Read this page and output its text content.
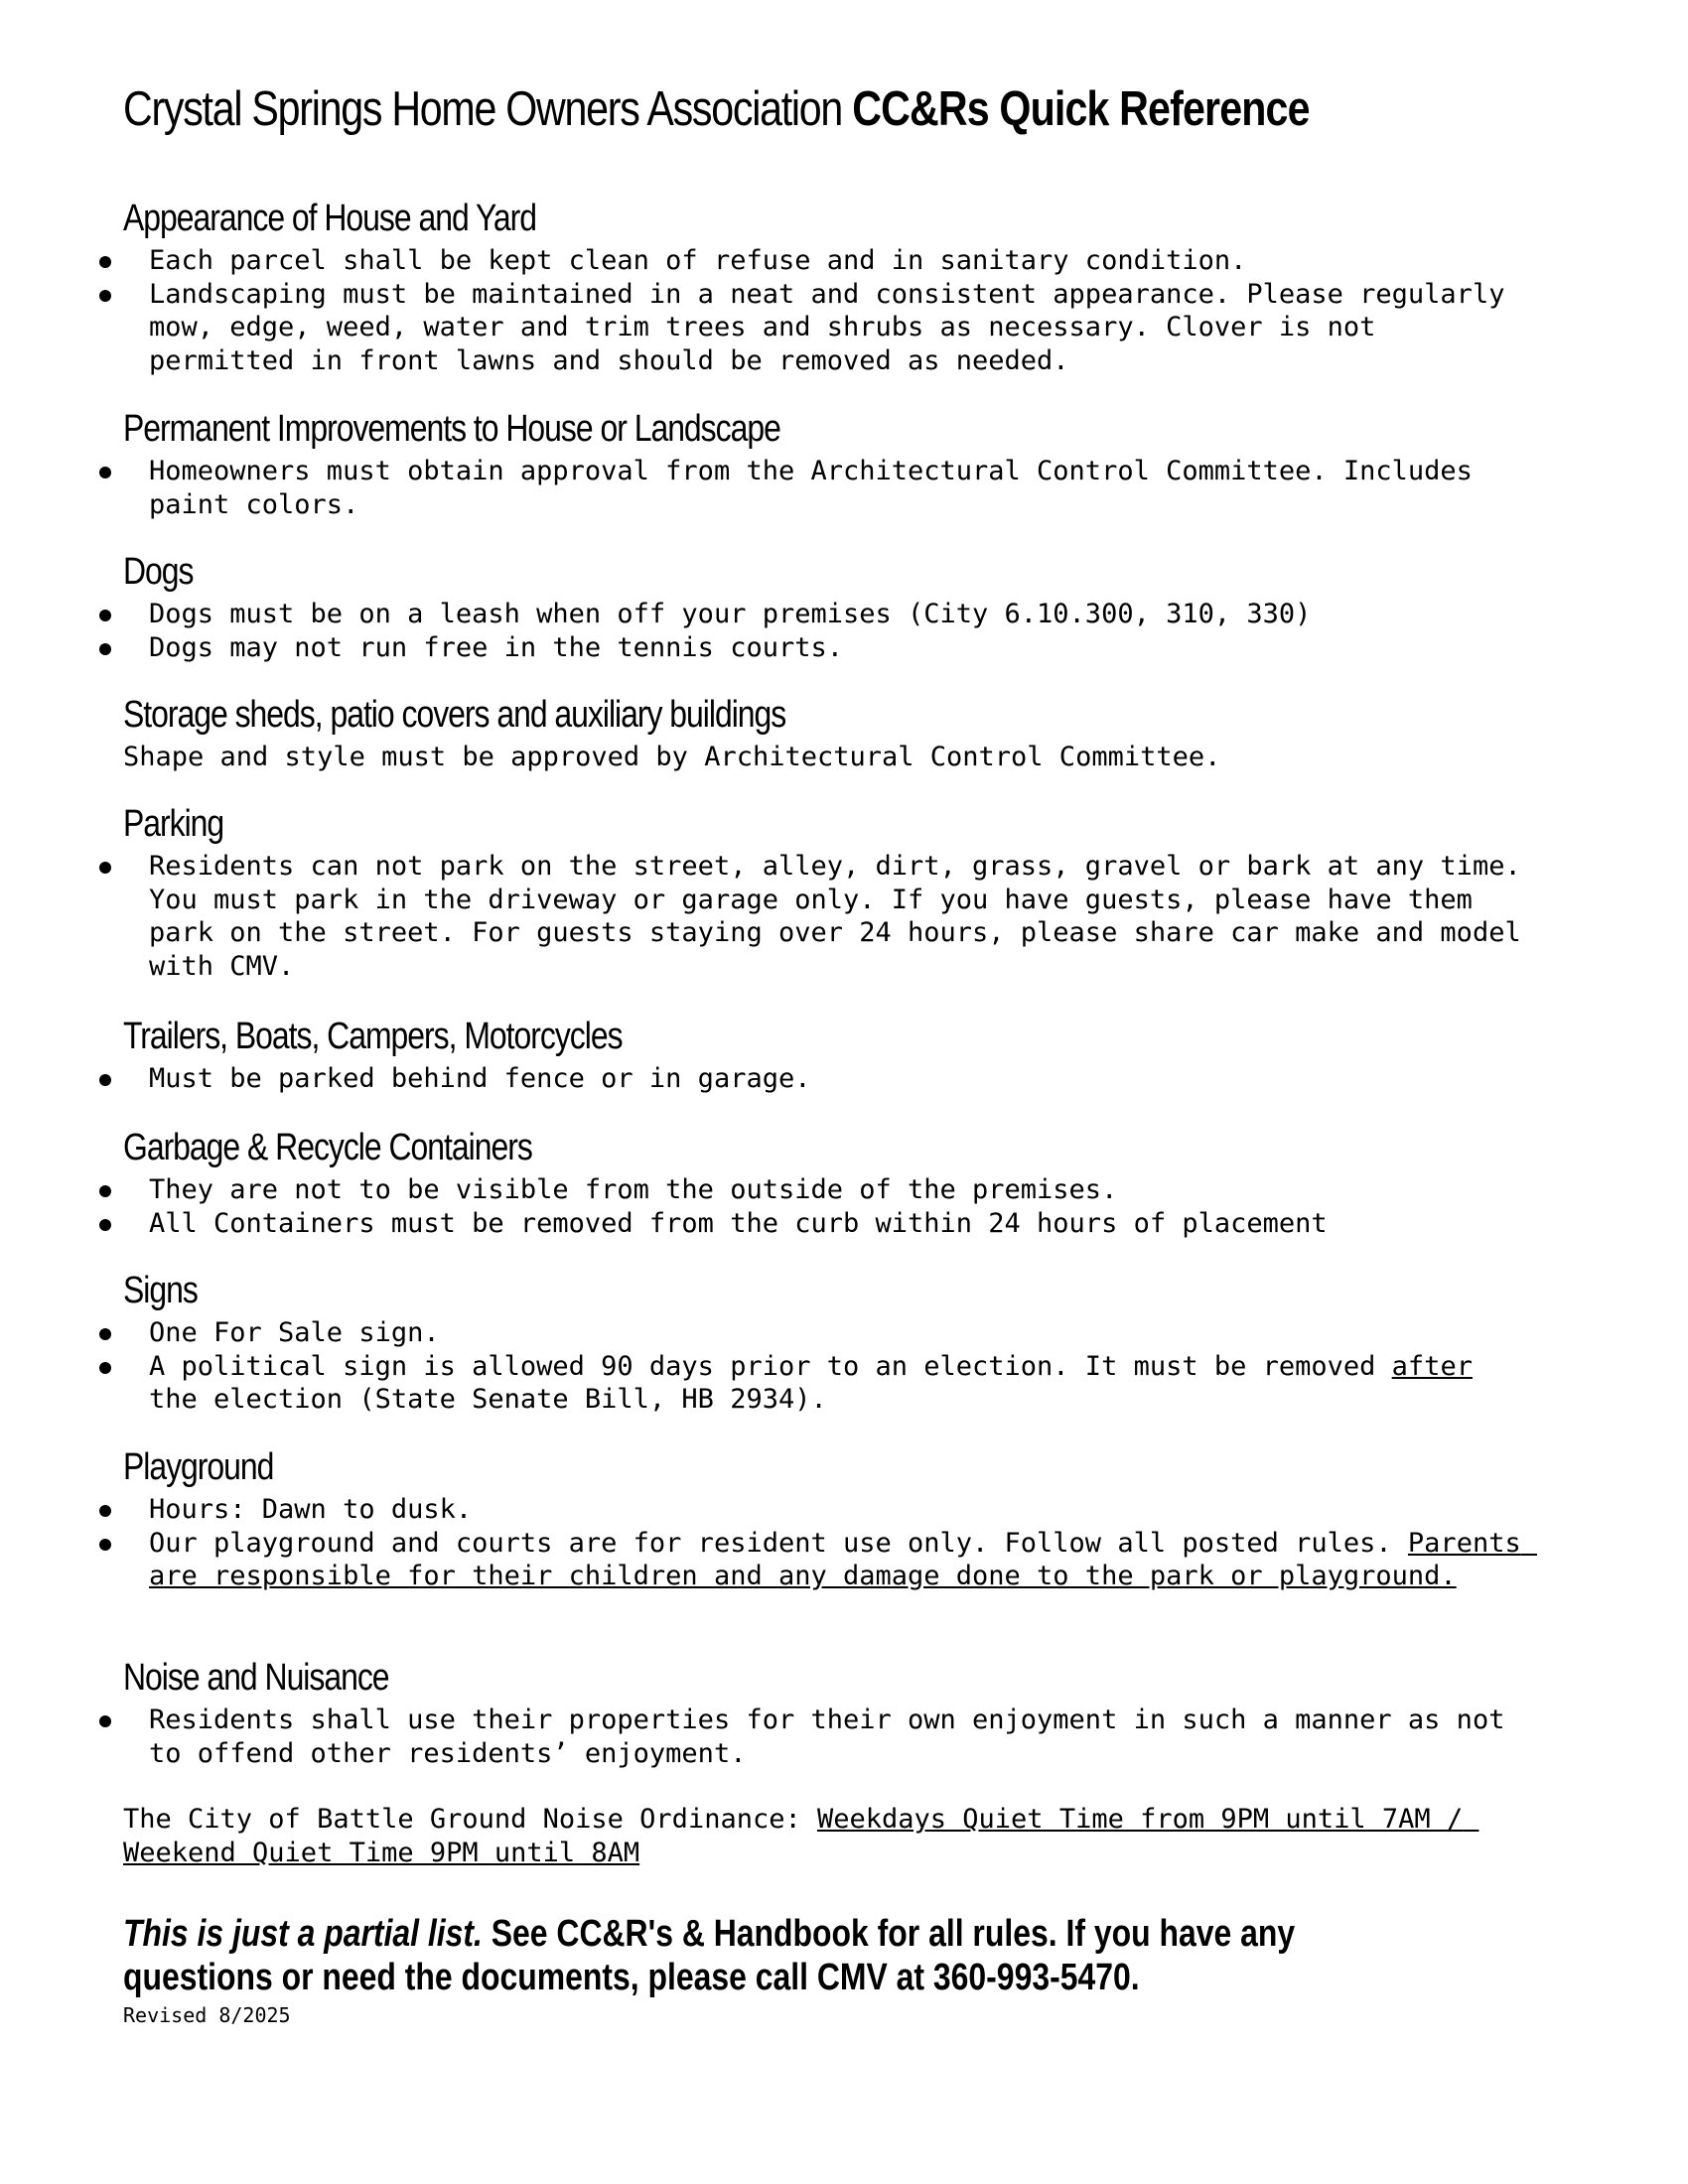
Crystal Springs Home Owners Association CC&Rs Quick Reference
Appearance of House and Yard
Each parcel shall be kept clean of refuse and in sanitary condition.
Landscaping must be maintained in a neat and consistent appearance. Please regularly mow, edge, weed, water and trim trees and shrubs as necessary. Clover is not permitted in front lawns and should be removed as needed.
Permanent Improvements to House or Landscape
Homeowners must obtain approval from the Architectural Control Committee. Includes paint colors.
Dogs
Dogs must be on a leash when off your premises (City 6.10.300, 310, 330)
Dogs may not run free in the tennis courts.
Storage sheds, patio covers and auxiliary buildings

Shape and style must be approved by Architectural Control Committee.

Parking
Residents can not park on the street, alley, dirt, grass, gravel or bark at any time. You must park in the driveway or garage only. If you have guests, please have them park on the street. For guests staying over 24 hours, please share car make and model with CMV.
Trailers, Boats, Campers, Motorcycles
Must be parked behind fence or in garage.
Garbage & Recycle Containers
They are not to be visible from the outside of the premises.
All Containers must be removed from the curb within 24 hours of placement
Signs
One For Sale sign.
A political sign is allowed 90 days prior to an election. It must be removed after the election (State Senate Bill, HB 2934).
Playground
Hours: Dawn to dusk.
Our playground and courts are for resident use only. Follow all posted rules. Parents are responsible for their children and any damage done to the park or playground.
Noise and Nuisance
Residents shall use their properties for their own enjoyment in such a manner as not to offend other residents’ enjoyment.

The City of Battle Ground Noise Ordinance: Weekdays Quiet Time from 9PM until 7AM / Weekend Quiet Time 9PM until 8AM

This is just a partial list. See CC&R's & Handbook for all rules. If you have any questions or need the documents, please call CMV at 360-993-5470.

Revised 8/2025
